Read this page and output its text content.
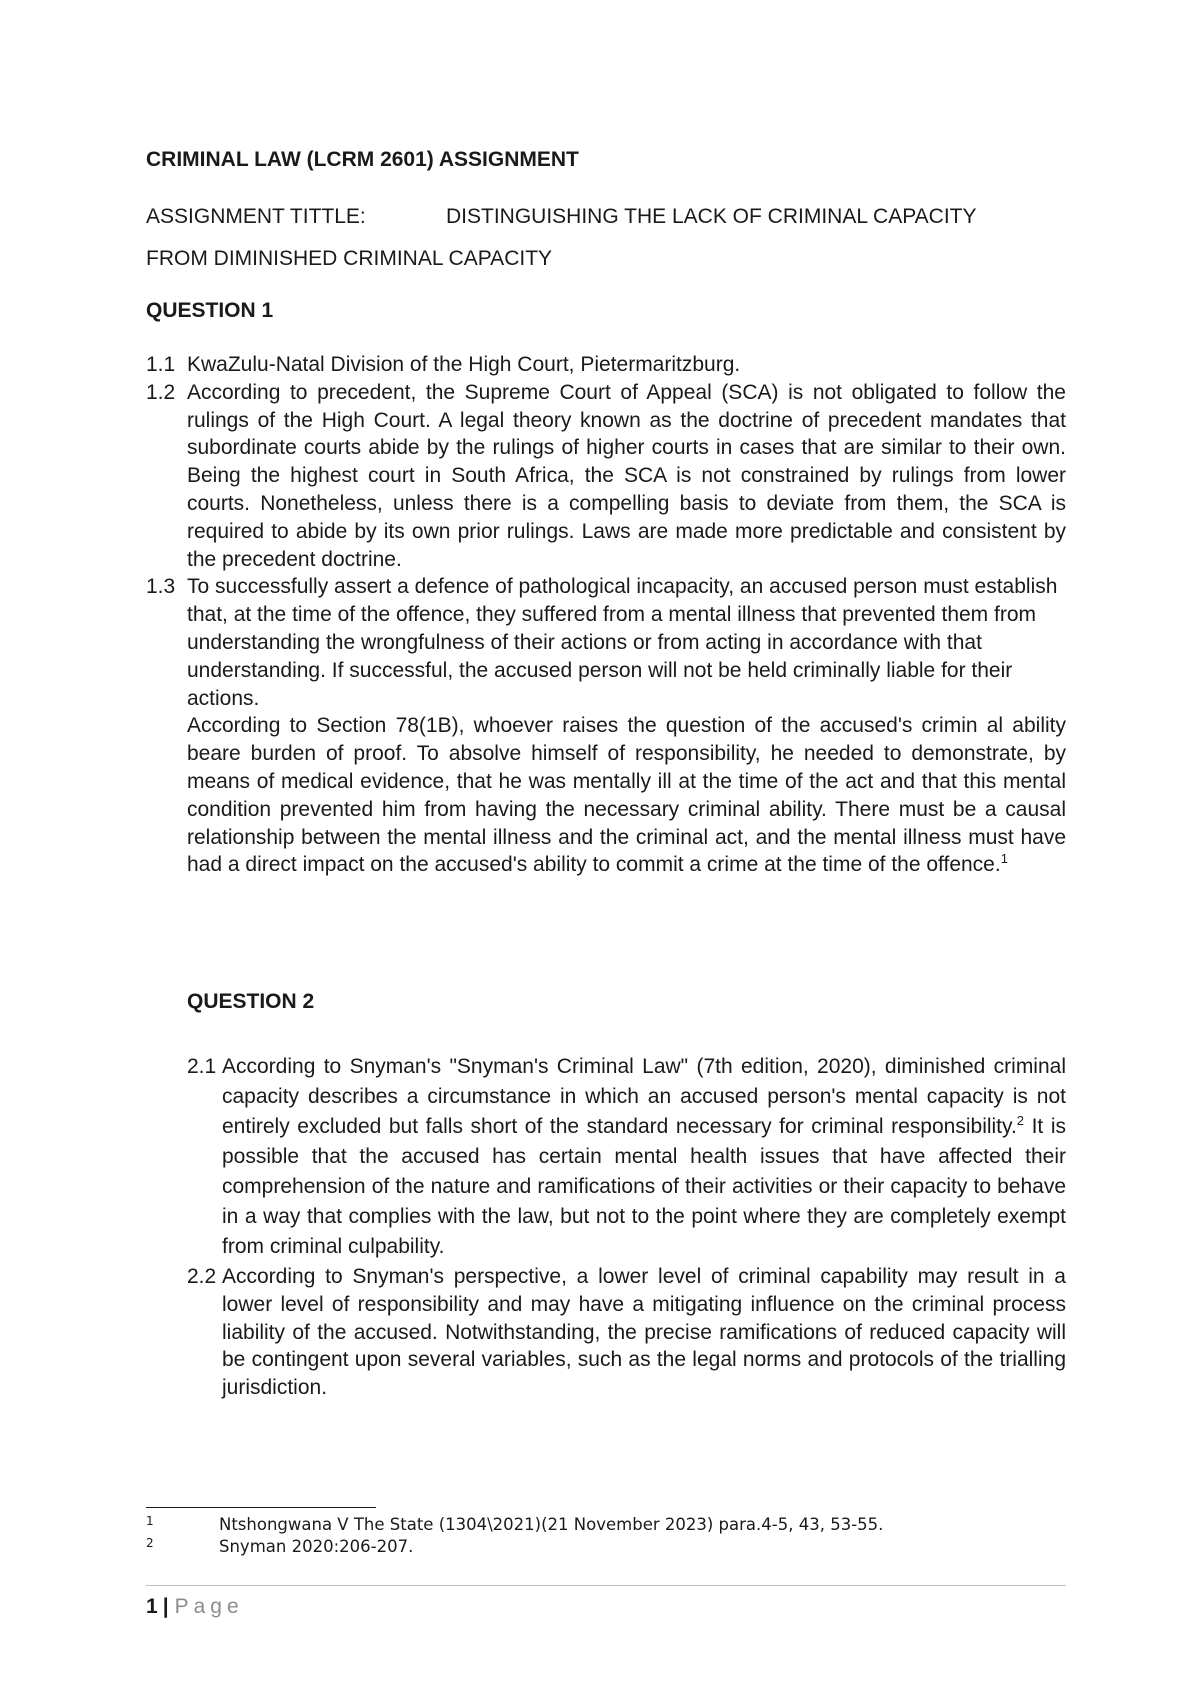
CRIMINAL LAW (LCRM 2601) ASSIGNMENT
ASSIGNMENT TITTLE:	DISTINGUISHING THE LACK OF CRIMINAL CAPACITY
FROM DIMINISHED CRIMINAL CAPACITY
QUESTION 1
1.1 KwaZulu-Natal Division of the High Court, Pietermaritzburg.
1.2 According to precedent, the Supreme Court of Appeal (SCA) is not obligated to follow the rulings of the High Court. A legal theory known as the doctrine of precedent mandates that subordinate courts abide by the rulings of higher courts in cases that are similar to their own. Being the highest court in South Africa, the SCA is not constrained by rulings from lower courts. Nonetheless, unless there is a compelling basis to deviate from them, the SCA is required to abide by its own prior rulings. Laws are made more predictable and consistent by the precedent doctrine.
1.3 To successfully assert a defence of pathological incapacity, an accused person must establish that, at the time of the offence, they suffered from a mental illness that prevented them from understanding the wrongfulness of their actions or from acting in accordance with that understanding. If successful, the accused person will not be held criminally liable for their actions.
According to Section 78(1B), whoever raises the question of the accused's crimin al ability beare burden of proof. To absolve himself of responsibility, he needed to demonstrate, by means of medical evidence, that he was mentally ill at the time of the act and that this mental condition prevented him from having the necessary criminal ability. There must be a causal relationship between the mental illness and the criminal act, and the mental illness must have had a direct impact on the accused's ability to commit a crime at the time of the offence.$^1$
QUESTION 2
2.1 According to Snyman's "Snyman's Criminal Law" (7th edition, 2020), diminished criminal capacity describes a circumstance in which an accused person's mental capacity is not entirely excluded but falls short of the standard necessary for criminal responsibility.$^2$ It is possible that the accused has certain mental health issues that have affected their comprehension of the nature and ramifications of their activities or their capacity to behave in a way that complies with the law, but not to the point where they are completely exempt from criminal culpability.
2.2 According to Snyman's perspective, a lower level of criminal capability may result in a lower level of responsibility and may have a mitigating influence on the criminal process liability of the accused. Notwithstanding, the precise ramifications of reduced capacity will be contingent upon several variables, such as the legal norms and protocols of the trialling jurisdiction.
1	Ntshongwana V The State (1304\2021)(21 November 2023) para.4-5, 43, 53-55.
2	Snyman 2020:206-207.
1 | Page
